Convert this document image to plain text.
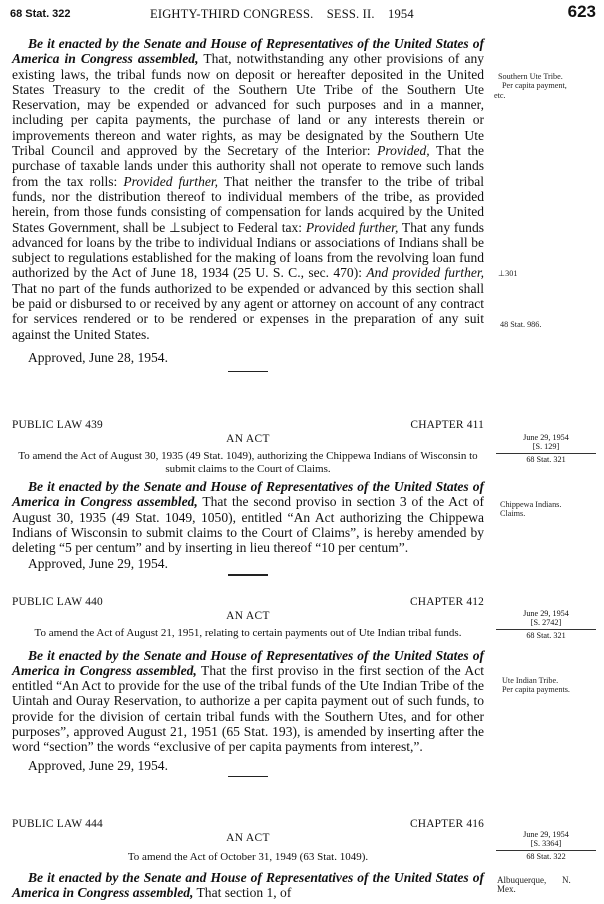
68 Stat. 322	EIGHTY-THIRD CONGRESS.    SESS. II.    1954	623

Be it enacted by the Senate and House of Representatives of the United States of America in Congress assembled, That, notwithstanding any other provisions of any existing laws, the tribal funds now on deposit or hereafter deposited in the United States Treasury to the credit of the Southern Ute Tribe of the Southern Ute Reservation, may be expended or advanced for such purposes and in a manner, including per capita payments, the purchase of land or any interests therein or improvements thereon and water rights, as may be designated by the Southern Ute Tribal Council and approved by the Secretary of the Interior: Provided, That the purchase of taxable lands under this authority shall not operate to remove such lands from the tax rolls: Provided further, That neither the transfer to the tribe of tribal funds, nor the distribution thereof to individual members of the tribe, as provided herein, from those funds consisting of compensation for lands acquired by the United States Government, shall be ⊥subject to Federal tax: Provided further, That any funds advanced for loans by the tribe to individual Indians or associations of Indians shall be subject to regulations established for the making of loans from the revolving loan fund authorized by the Act of June 18, 1934 (25 U. S. C., sec. 470): And provided further, That no part of the funds authorized to be expended or advanced by this section shall be paid or disbursed to or received by any agent or attorney on account of any contract for services rendered or to be rendered or expenses in the preparation of any suit against the United States.

Approved, June 28, 1954.

Southern Ute Tribe.
Per capita payment,
etc.
⊥301
48 Stat. 986.
PUBLIC LAW 439	CHAPTER 411

AN ACT

To amend the Act of August 30, 1935 (49 Stat. 1049), authorizing the Chippewa Indians of Wisconsin to submit claims to the Court of Claims.

Be it enacted by the Senate and House of Representatives of the United States of America in Congress assembled, That the second proviso in section 3 of the Act of August 30, 1935 (49 Stat. 1049, 1050), entitled “An Act authorizing the Chippewa Indians of Wisconsin to submit claims to the Court of Claims”, is hereby amended by deleting “5 per centum” and by inserting in lieu thereof “10 per centum”.

Approved, June 29, 1954.

June 29, 1954
[S. 129]
68 Stat. 321
Chippewa Indians.
Claims.
PUBLIC LAW 440	CHAPTER 412

AN ACT

To amend the Act of August 21, 1951, relating to certain payments out of Ute Indian tribal funds.

Be it enacted by the Senate and House of Representatives of the United States of America in Congress assembled, That the first proviso in the first section of the Act entitled “An Act to provide for the use of the tribal funds of the Ute Indian Tribe of the Uintah and Ouray Reservation, to authorize a per capita payment out of such funds, to provide for the division of certain tribal funds with the Southern Utes, and for other purposes”, approved August 21, 1951 (65 Stat. 193), is amended by inserting after the word “section” the words “exclusive of per capita payments from interest,”.

Approved, June 29, 1954.

June 29, 1954
[S. 2742]
68 Stat. 321
Ute Indian Tribe.
Per capita payments.
PUBLIC LAW 444	CHAPTER 416

AN ACT

To amend the Act of October 31, 1949 (63 Stat. 1049).

Be it enacted by the Senate and House of Representatives of the United States of America in Congress assembled, That section 1, of

June 29, 1954
[S. 3364]
68 Stat. 322
Albuquerque,       N.
Mex.
